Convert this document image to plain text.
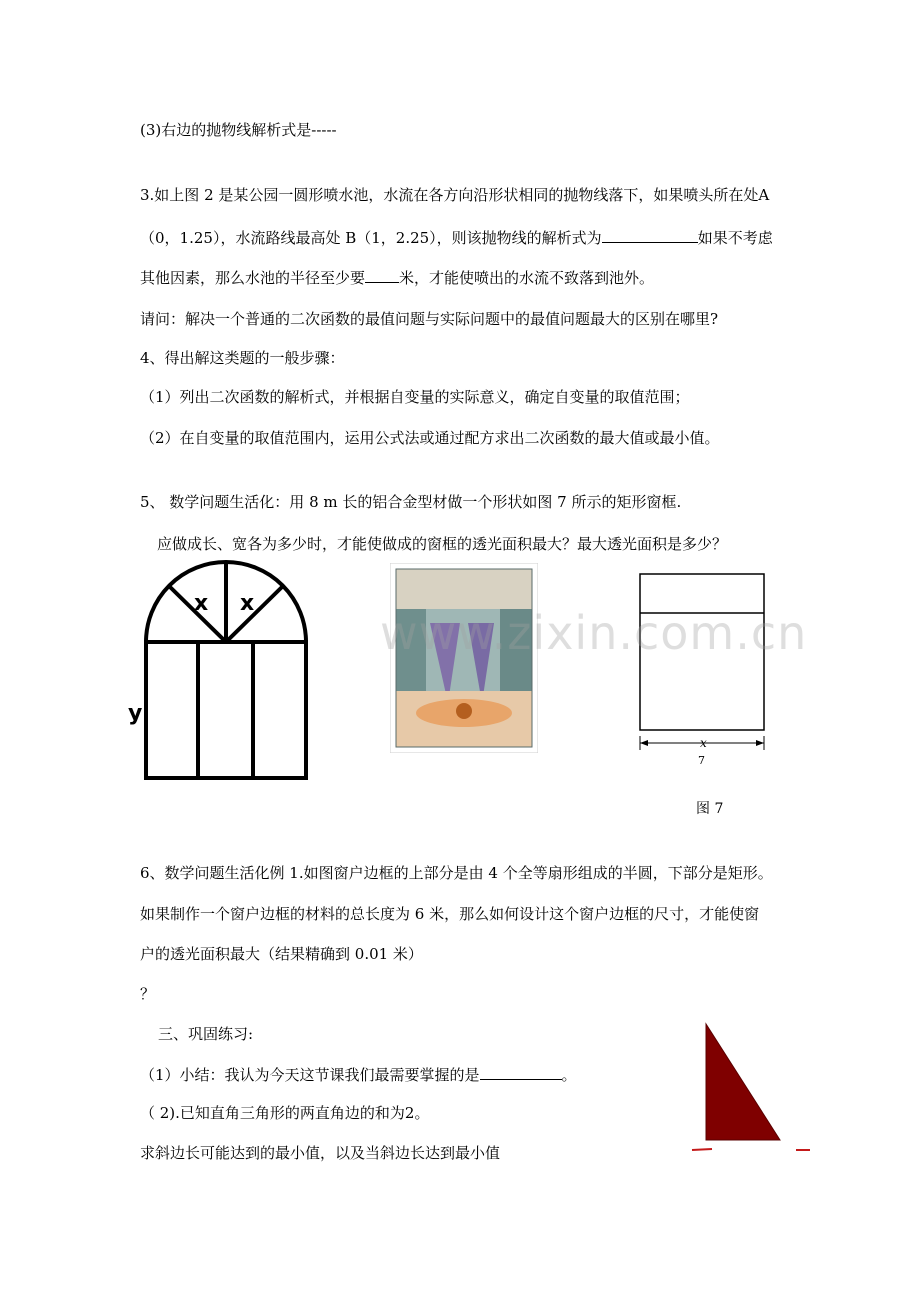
(3)右边的抛物线解析式是-----
3.如上图 2 是某公园一圆形喷水池，水流在各方向沿形状相同的抛物线落下，如果喷头所在处A
（0，1.25），水流路线最高处 B（1，2.25），则该抛物线的解析式为	如果不考虑
其他因素，那么水池的半径至少要 米，才能使喷出的水流不致落到池外。
请问：解决一个普通的二次函数的最值问题与实际问题中的最值问题最大的区别在哪里?
4、得出解这类题的一般步骤：
（1）列出二次函数的解析式，并根据自变量的实际意义，确定自变量的取值范围；
（2）在自变量的取值范围内，运用公式法或通过配方求出二次函数的最大值或最小值。
5、 数学问题生活化：用 8 m 长的铝合金型材做一个形状如图 7 所示的矩形窗框.
应做成长、宽各为多少时，才能使做成的窗框的透光面积最大？最大透光面积是多少？
x x
y
x
7
图 7
www.zixin.com.cn
6、数学问题生活化例 1.如图窗户边框的上部分是由 4 个全等扇形组成的半圆，下部分是矩形。
如果制作一个窗户边框的材料的总长度为 6 米，那么如何设计这个窗户边框的尺寸，才能使窗
户的透光面积最大（结果精确到 0.01 米）
？
三、巩固练习:
（1）小结：我认为今天这节课我们最需要掌握的是	。
（ 2).已知直角三角形的两直角边的和为2。
求斜边长可能达到的最小值，以及当斜边长达到最小值
